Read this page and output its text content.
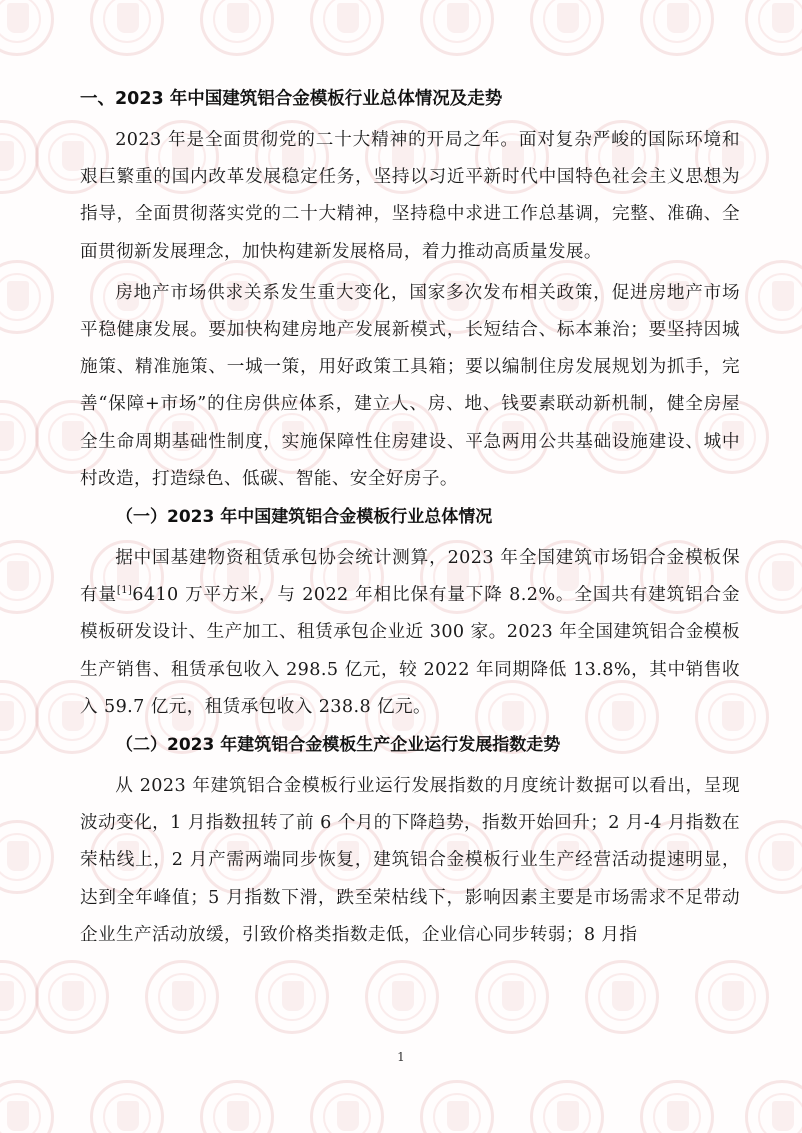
一、2023 年中国建筑铝合金模板行业总体情况及走势

2023 年是全面贯彻党的二十大精神的开局之年。面对复杂严峻的国际环境和艰巨繁重的国内改革发展稳定任务，坚持以习近平新时代中国特色社会主义思想为指导，全面贯彻落实党的二十大精神，坚持稳中求进工作总基调，完整、准确、全面贯彻新发展理念，加快构建新发展格局，着力推动高质量发展。

房地产市场供求关系发生重大变化，国家多次发布相关政策，促进房地产市场平稳健康发展。要加快构建房地产发展新模式，长短结合、标本兼治；要坚持因城施策、精准施策、一城一策，用好政策工具箱；要以编制住房发展规划为抓手，完善“保障+市场”的住房供应体系，建立人、房、地、钱要素联动新机制，健全房屋全生命周期基础性制度，实施保障性住房建设、平急两用公共基础设施建设、城中村改造，打造绿色、低碳、智能、安全好房子。

（一）2023 年中国建筑铝合金模板行业总体情况

据中国基建物资租赁承包协会统计测算，2023 年全国建筑市场铝合金模板保有量[1]6410 万平方米，与 2022 年相比保有量下降 8.2%。全国共有建筑铝合金模板研发设计、生产加工、租赁承包企业近 300 家。2023 年全国建筑铝合金模板生产销售、租赁承包收入 298.5 亿元，较 2022 年同期降低 13.8%，其中销售收入 59.7 亿元，租赁承包收入 238.8 亿元。

（二）2023 年建筑铝合金模板生产企业运行发展指数走势

从 2023 年建筑铝合金模板行业运行发展指数的月度统计数据可以看出，呈现波动变化，1 月指数扭转了前 6 个月的下降趋势，指数开始回升；2 月-4 月指数在荣枯线上，2 月产需两端同步恢复，建筑铝合金模板行业生产经营活动提速明显，达到全年峰值；5 月指数下滑，跌至荣枯线下，影响因素主要是市场需求不足带动企业生产活动放缓，引致价格类指数走低，企业信心同步转弱；8 月指

1
